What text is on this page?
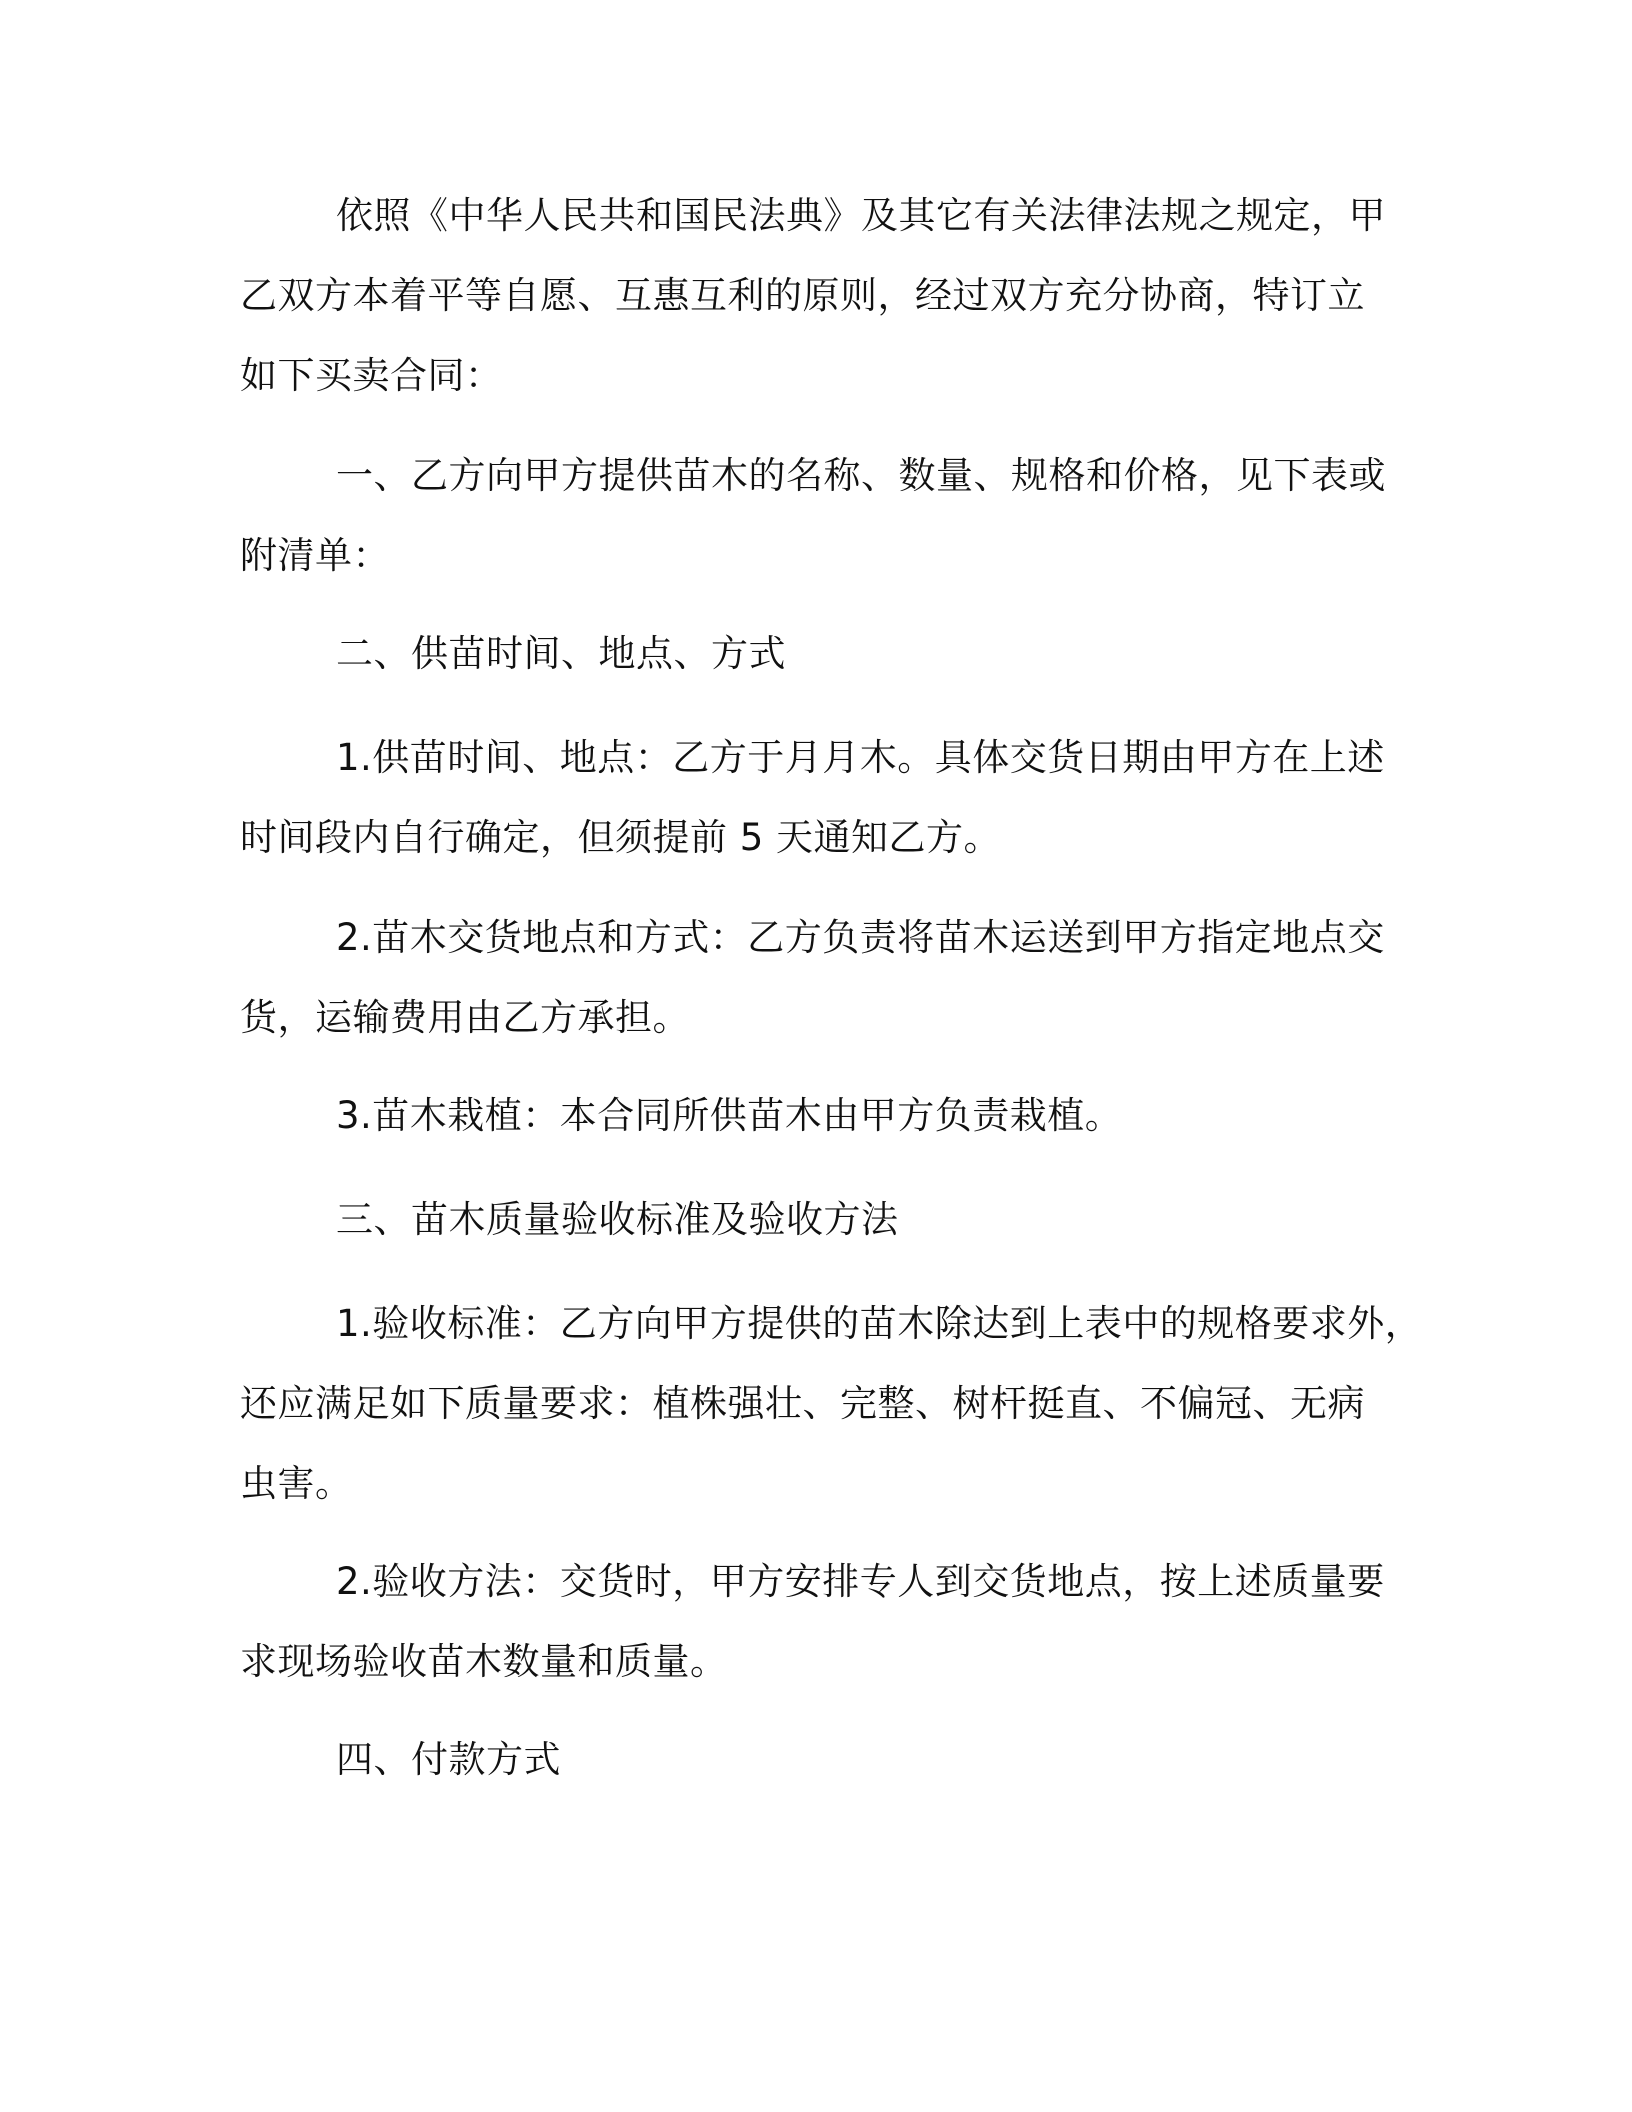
依照《中华人民共和国民法典》及其它有关法律法规之规定，甲
乙双方本着平等自愿、互惠互利的原则，经过双方充分协商，特订立
如下买卖合同：
一、乙方向甲方提供苗木的名称、数量、规格和价格，见下表或
附清单：
二、供苗时间、地点、方式
1.供苗时间、地点：乙方于月月木。具体交货日期由甲方在上述
时间段内自行确定，但须提前 5 天通知乙方。
2.苗木交货地点和方式：乙方负责将苗木运送到甲方指定地点交
货，运输费用由乙方承担。
3.苗木栽植：本合同所供苗木由甲方负责栽植。
三、苗木质量验收标准及验收方法
1.验收标准：乙方向甲方提供的苗木除达到上表中的规格要求外，
还应满足如下质量要求：植株强壮、完整、树杆挺直、不偏冠、无病
虫害。
2.验收方法：交货时，甲方安排专人到交货地点，按上述质量要
求现场验收苗木数量和质量。
四、付款方式
